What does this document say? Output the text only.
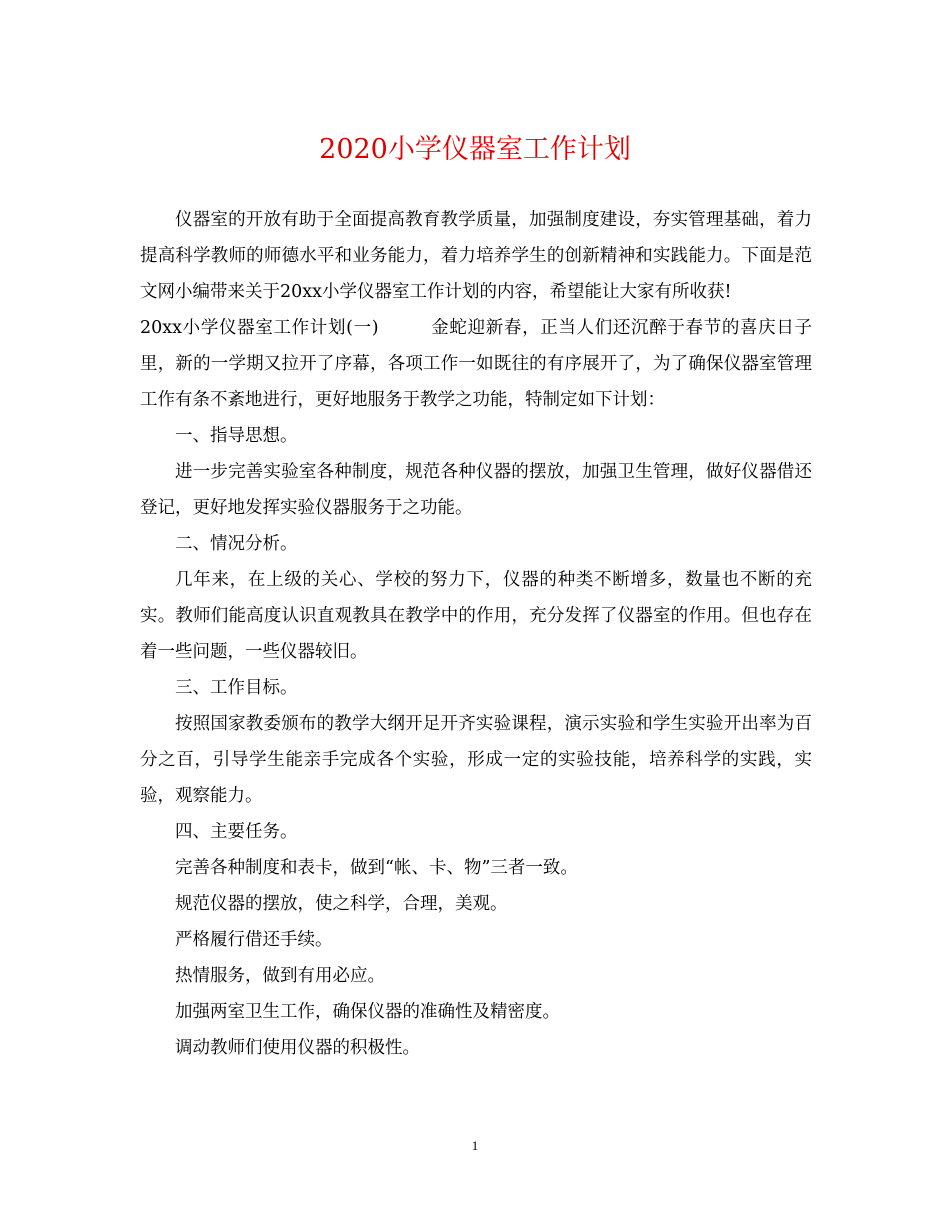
2020小学仪器室工作计划

仪器室的开放有助于全面提高教育教学质量，加强制度建设，夯实管理基础，着力提高科学教师的师德水平和业务能力，着力培养学生的创新精神和实践能力。下面是范文网小编带来关于20xx小学仪器室工作计划的内容，希望能让大家有所收获!

20xx小学仪器室工作计划(一)	金蛇迎新春，正当人们还沉醉于春节的喜庆日子里，新的一学期又拉开了序幕，各项工作一如既往的有序展开了，为了确保仪器室管理工作有条不紊地进行，更好地服务于教学之功能，特制定如下计划：

一、指导思想。

进一步完善实验室各种制度，规范各种仪器的摆放，加强卫生管理，做好仪器借还登记，更好地发挥实验仪器服务于之功能。

二、情况分析。

几年来，在上级的关心、学校的努力下，仪器的种类不断增多，数量也不断的充实。教师们能高度认识直观教具在教学中的作用，充分发挥了仪器室的作用。但也存在着一些问题，一些仪器较旧。

三、工作目标。

按照国家教委颁布的教学大纲开足开齐实验课程，演示实验和学生实验开出率为百分之百，引导学生能亲手完成各个实验，形成一定的实验技能，培养科学的实践，实验，观察能力。

四、主要任务。

完善各种制度和表卡，做到“帐、卡、物”三者一致。

规范仪器的摆放，使之科学，合理，美观。

严格履行借还手续。

热情服务，做到有用必应。

加强两室卫生工作，确保仪器的准确性及精密度。

调动教师们使用仪器的积极性。

1
